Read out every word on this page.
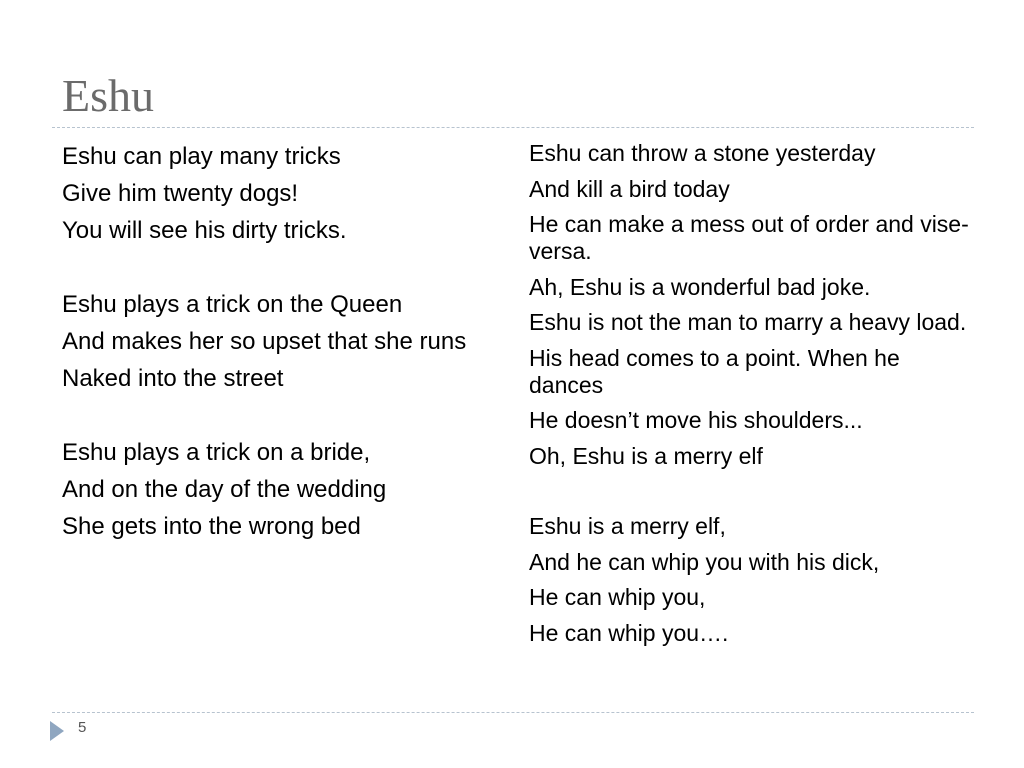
Eshu
Eshu can play many tricks
Give him twenty dogs!
You will see his dirty tricks.
Eshu plays a trick on the Queen
And makes her so upset that she runs
Naked into the street
Eshu plays a trick on a bride,
And on the day of the wedding
She gets into the wrong bed
Eshu can throw a stone yesterday
And kill a bird today
He can make a mess out of order and vise-versa.
Ah, Eshu is a wonderful bad joke.
Eshu is not the man to marry a heavy load.
His head comes to a point. When he dances
He doesn’t move his shoulders...
Oh, Eshu is a merry elf
Eshu is a merry elf,
And he can whip you with his dick,
He can whip you,
He can whip you….
5
